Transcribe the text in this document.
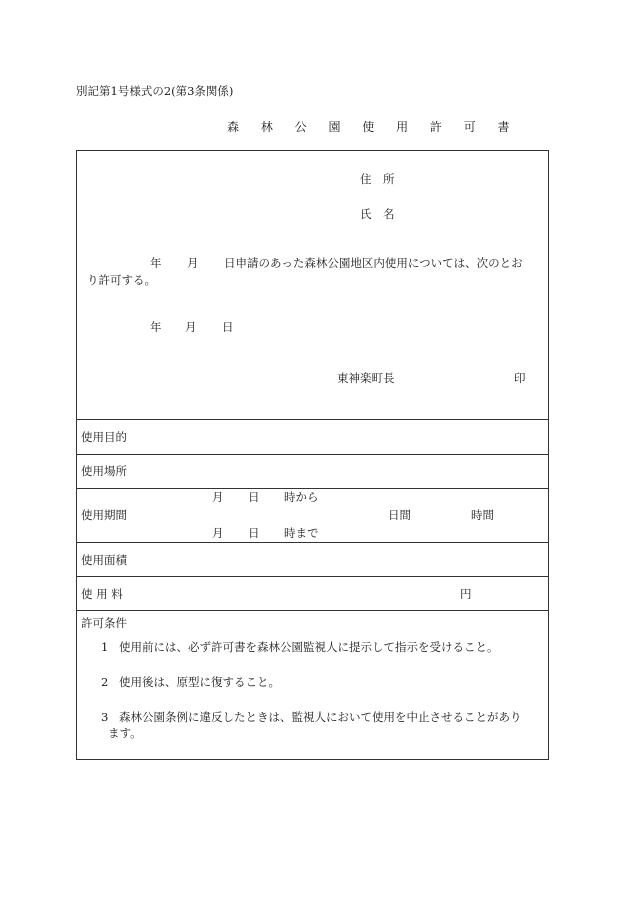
別記第1号様式の2(第3条関係)
森 林 公 園 使 用 許 可 書
住　所
氏　名
年 月 日申請のあった森林公園地区内使用については、次のとお
り許可する。
年 月 日
東神楽町長	印
使用目的
使用場所
月 日 時から
使用期間	日間	時間
月 日 時まで
使用面積
使 用 料	円
許可条件
1 使用前には、必ず許可書を森林公園監視人に提示して指示を受けること。
2 使用後は、原型に復すること。
3 森林公園条例に違反したときは、監視人において使用を中止させることがあり
ます。
